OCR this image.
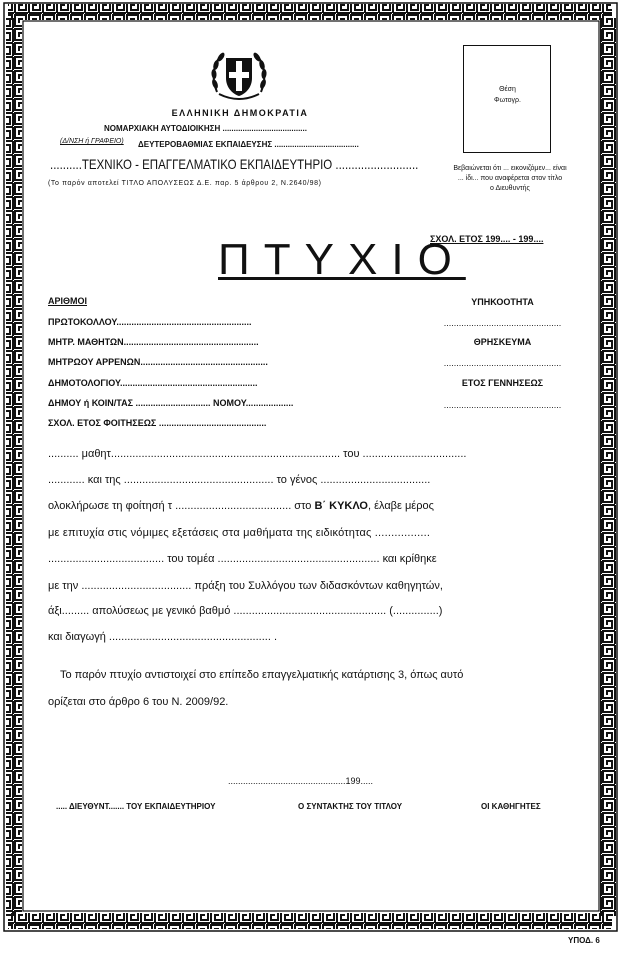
ΕΛΛΗΝΙΚΗ ΔΗΜΟΚΡΑΤΙΑ
ΝΟΜΑΡΧΙΑΚΗ ΑΥΤΟΔΙΟΙΚΗΣΗ ......................................
(Δ/ΝΣΗ ή ΓΡΑΦΕΙΟ) ΔΕΥΤΕΡΟΒΑΘΜΙΑΣ ΕΚΠΑΙΔΕΥΣΗΣ ......................................
..........ΤΕΧΝΙΚΟ - ΕΠΑΓΓΕΛΜΑΤΙΚΟ ΕΚΠΑΙΔΕΥΤΗΡΙΟ ..........................
(Το παρόν αποτελεί ΤΙΤΛΟ ΑΠΟΛΥΣΕΩΣ Δ.Ε. παρ. 5 άρθρου 2, Ν.2640/98)
Θέση
Φωτογρ.
Βεβαιώνεται ότι ... εικονιζόμεν... είναι
... ίδι... που αναφέρεται στον τίτλο
ο Διευθυντής
ΣΧΟΛ. ΕΤΟΣ 199.... - 199....
ΠΤΥΧΙΟ
ΑΡΙΘΜΟΙ
ΠΡΩΤΟΚΟΛΛΟΥ......................................................
ΜΗΤΡ. ΜΑΘΗΤΩΝ......................................................
ΜΗΤΡΩΟΥ ΑΡΡΕΝΩΝ...................................................
ΔΗΜΟΤΟΛΟΓΙΟΥ.......................................................
ΔΗΜΟΥ ή ΚΟΙΝ/ΤΑΣ .............................. ΝΟΜΟΥ...................
ΣΧΟΛ. ΕΤΟΣ ΦΟΙΤΗΣΕΩΣ ...........................................
ΥΠΗΚΟΟΤΗΤΑ
...............................................
ΘΡΗΣΚΕΥΜΑ
...............................................
ΕΤΟΣ ΓΕΝΝΗΣΕΩΣ
...............................................
.......... μαθητ........................................................................... του ..................................
............ και της ................................................. το γένος ....................................
ολοκλήρωσε τη φοίτησή τ ...................................... στο Β΄ ΚΥΚΛΟ, έλαβε μέρος
με επιτυχία στις νόμιμες εξετάσεις στα μαθήματα της ειδικότητας .................
...................................... του τομέα ..................................................... και κρίθηκε
με την .................................... πράξη του Συλλόγου των διδασκόντων καθηγητών,
άξι......... απολύσεως με γενικό βαθμό .................................................. (...............)
και διαγωγή ..................................................... .
Το παρόν πτυχίο αντιστοιχεί στο επίπεδο επαγγελματικής κατάρτισης 3, όπως αυτό
ορίζεται στο άρθρο 6 του Ν. 2009/92.
...............................................199.....
..... ΔΙΕΥΘΥΝΤ....... ΤΟΥ ΕΚΠΑΙΔΕΥΤΗΡΙΟΥ	Ο ΣΥΝΤΑΚΤΗΣ ΤΟΥ ΤΙΤΛΟΥ	ΟΙ ΚΑΘΗΓΗΤΕΣ
ΥΠΟΔ. 6
